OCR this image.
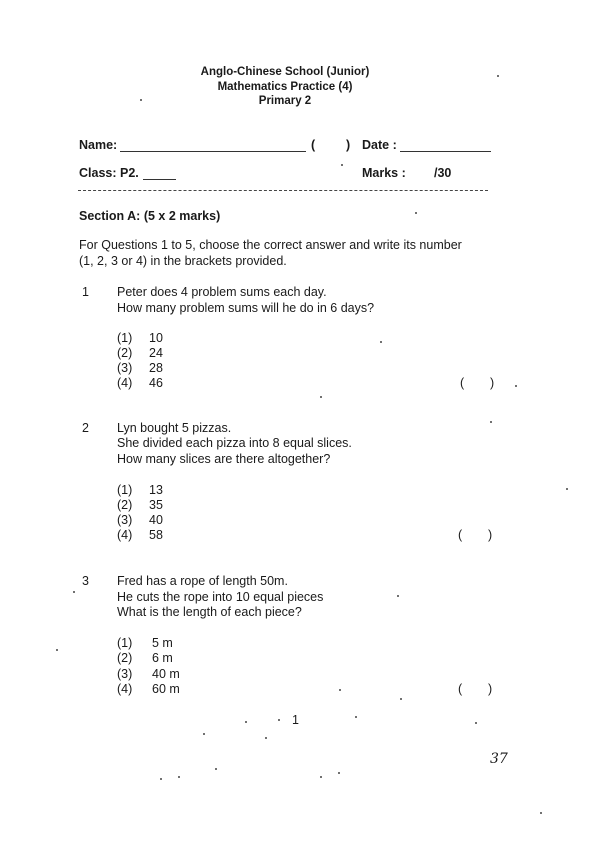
Anglo-Chinese School (Junior)
Mathematics Practice (4)
Primary 2
Name:	( ) Date :
Class: P2.	Marks : /30
Section A: (5 x 2 marks)
For Questions 1 to 5, choose the correct answer and write its number
(1, 2, 3 or 4) in the brackets provided.
1 Peter does 4 problem sums each day.
How many problem sums will he do in 6 days?
(1) 10
(2) 24
(3) 28
(4) 46	( )
2 Lyn bought 5 pizzas.
She divided each pizza into 8 equal slices.
How many slices are there altogether?
(1) 13
(2) 35
(3) 40
(4) 58	( )
3 Fred has a rope of length 50m.
He cuts the rope into 10 equal pieces
What is the length of each piece?
(1) 5 m
(2) 6 m
(3) 40 m
(4) 60 m	( )
1
37
